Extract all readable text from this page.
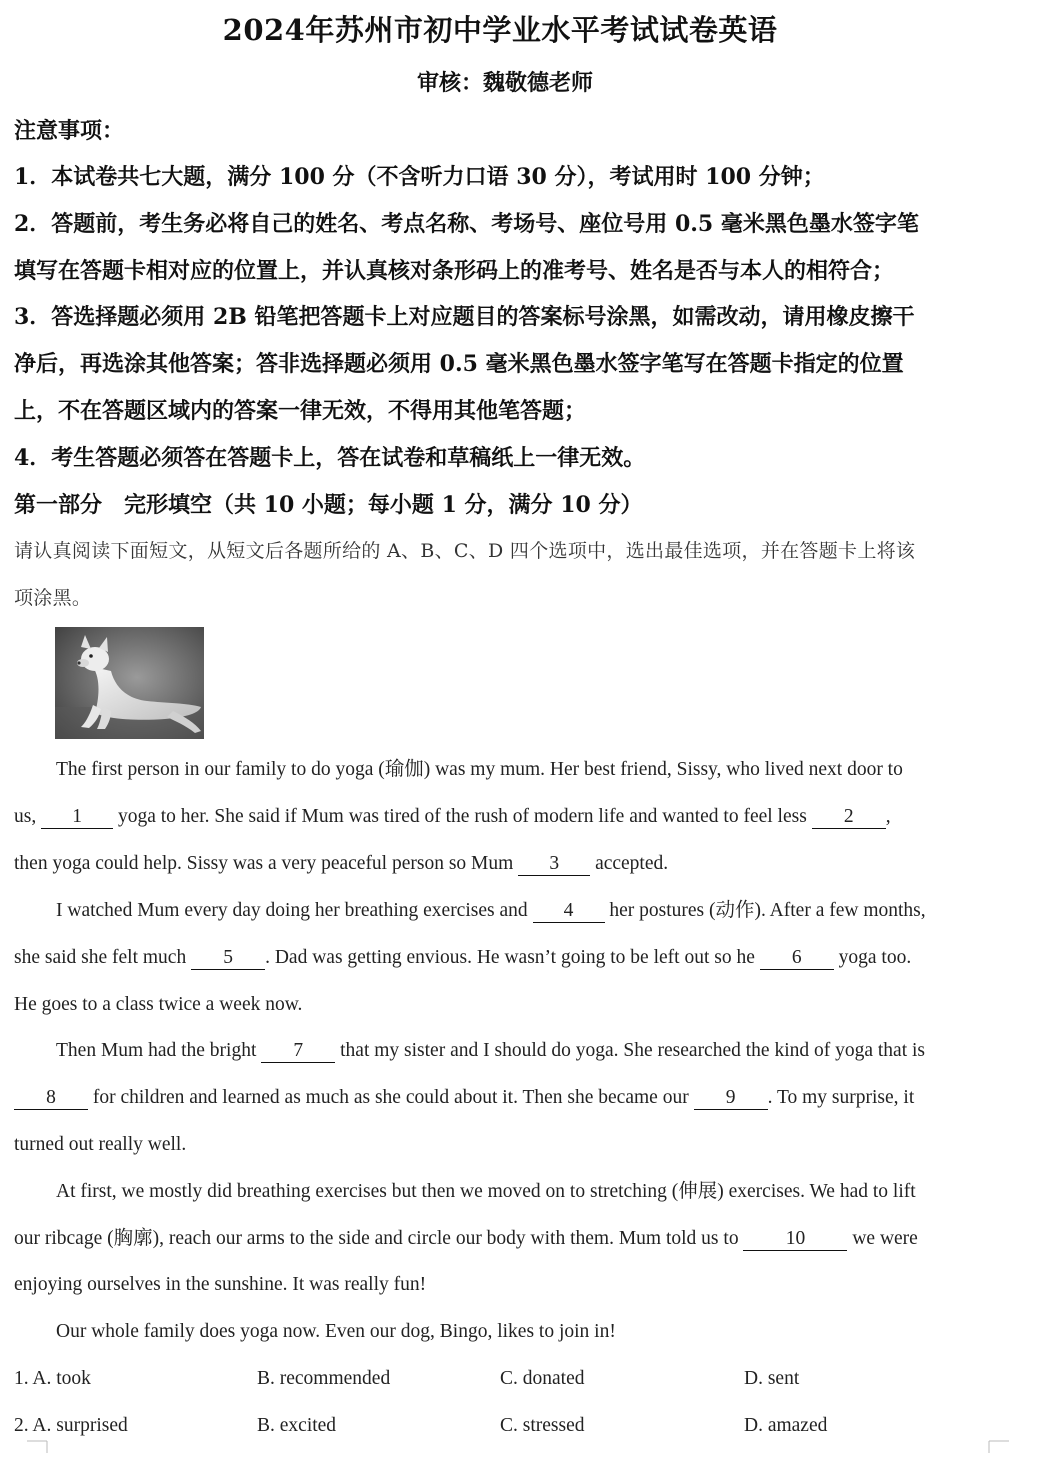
2024年苏州市初中学业水平考试试卷英语
审核：魏敬德老师
注意事项：
1．本试卷共七大题，满分 100 分（不含听力口语 30 分），考试用时 100 分钟；
2．答题前，考生务必将自己的姓名、考点名称、考场号、座位号用 0.5 毫米黑色墨水签字笔
填写在答题卡相对应的位置上，并认真核对条形码上的准考号、姓名是否与本人的相符合；
3．答选择题必须用 2B 铅笔把答题卡上对应题目的答案标号涂黑，如需改动，请用橡皮擦干
净后，再选涂其他答案；答非选择题必须用 0.5 毫米黑色墨水签字笔写在答题卡指定的位置
上，不在答题区域内的答案一律无效，不得用其他笔答题；
4．考生答题必须答在答题卡上，答在试卷和草稿纸上一律无效。
第一部分　完形填空（共 10 小题；每小题 1 分，满分 10 分）
请认真阅读下面短文，从短文后各题所给的 A、B、C、D 四个选项中，选出最佳选项，并在答题卡上将该
项涂黑。
The first person in our family to do yoga (瑜伽) was my mum. Her best friend, Sissy, who lived next door to
us, 1 yoga to her. She said if Mum was tired of the rush of modern life and wanted to feel less 2 ,
then yoga could help. Sissy was a very peaceful person so Mum 3 accepted.
I watched Mum every day doing her breathing exercises and 4 her postures (动作). After a few months,
she said she felt much 5 . Dad was getting envious. He wasn’t going to be left out so he 6 yoga too.
He goes to a class twice a week now.
Then Mum had the bright 7 that my sister and I should do yoga. She researched the kind of yoga that is
8 for children and learned as much as she could about it. Then she became our 9 . To my surprise, it
turned out really well.
At first, we mostly did breathing exercises but then we moved on to stretching (伸展) exercises. We had to lift
our ribcage (胸廓), reach our arms to the side and circle our body with them. Mum told us to 10 we were
enjoying ourselves in the sunshine. It was really fun!
Our whole family does yoga now. Even our dog, Bingo, likes to join in!
1. A. took	B. recommended	C. donated	D. sent
2. A. surprised	B. excited	C. stressed	D. amazed
